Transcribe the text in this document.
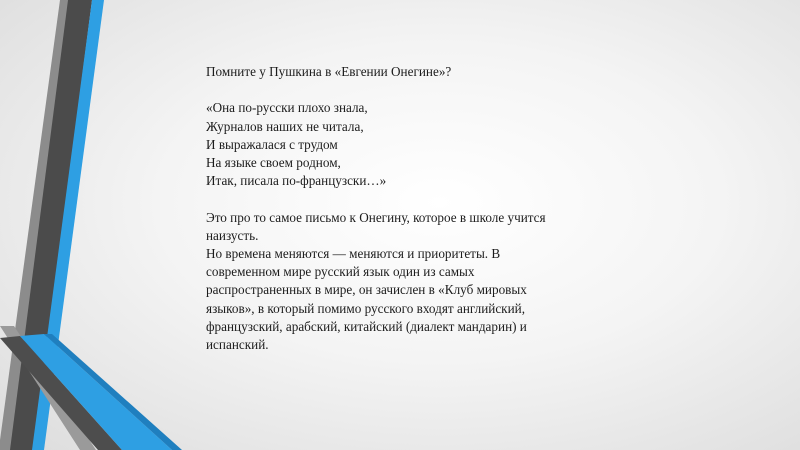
Помните у Пушкина в «Евгении Онегине»?
«Она по-русски плохо знала,
Журналов наших не читала,
И выражалася с трудом
На языке своем родном,
Итак, писала по-французски…»
Это про то самое письмо к Онегину, которое в школе учится
наизусть.
Но времена меняются — меняются и приоритеты. В
современном мире русский язык один из самых
распространенных в мире, он зачислен в «Клуб мировых
языков», в который помимо русского входят английский,
французский, арабский, китайский (диалект мандарин) и
испанский.
